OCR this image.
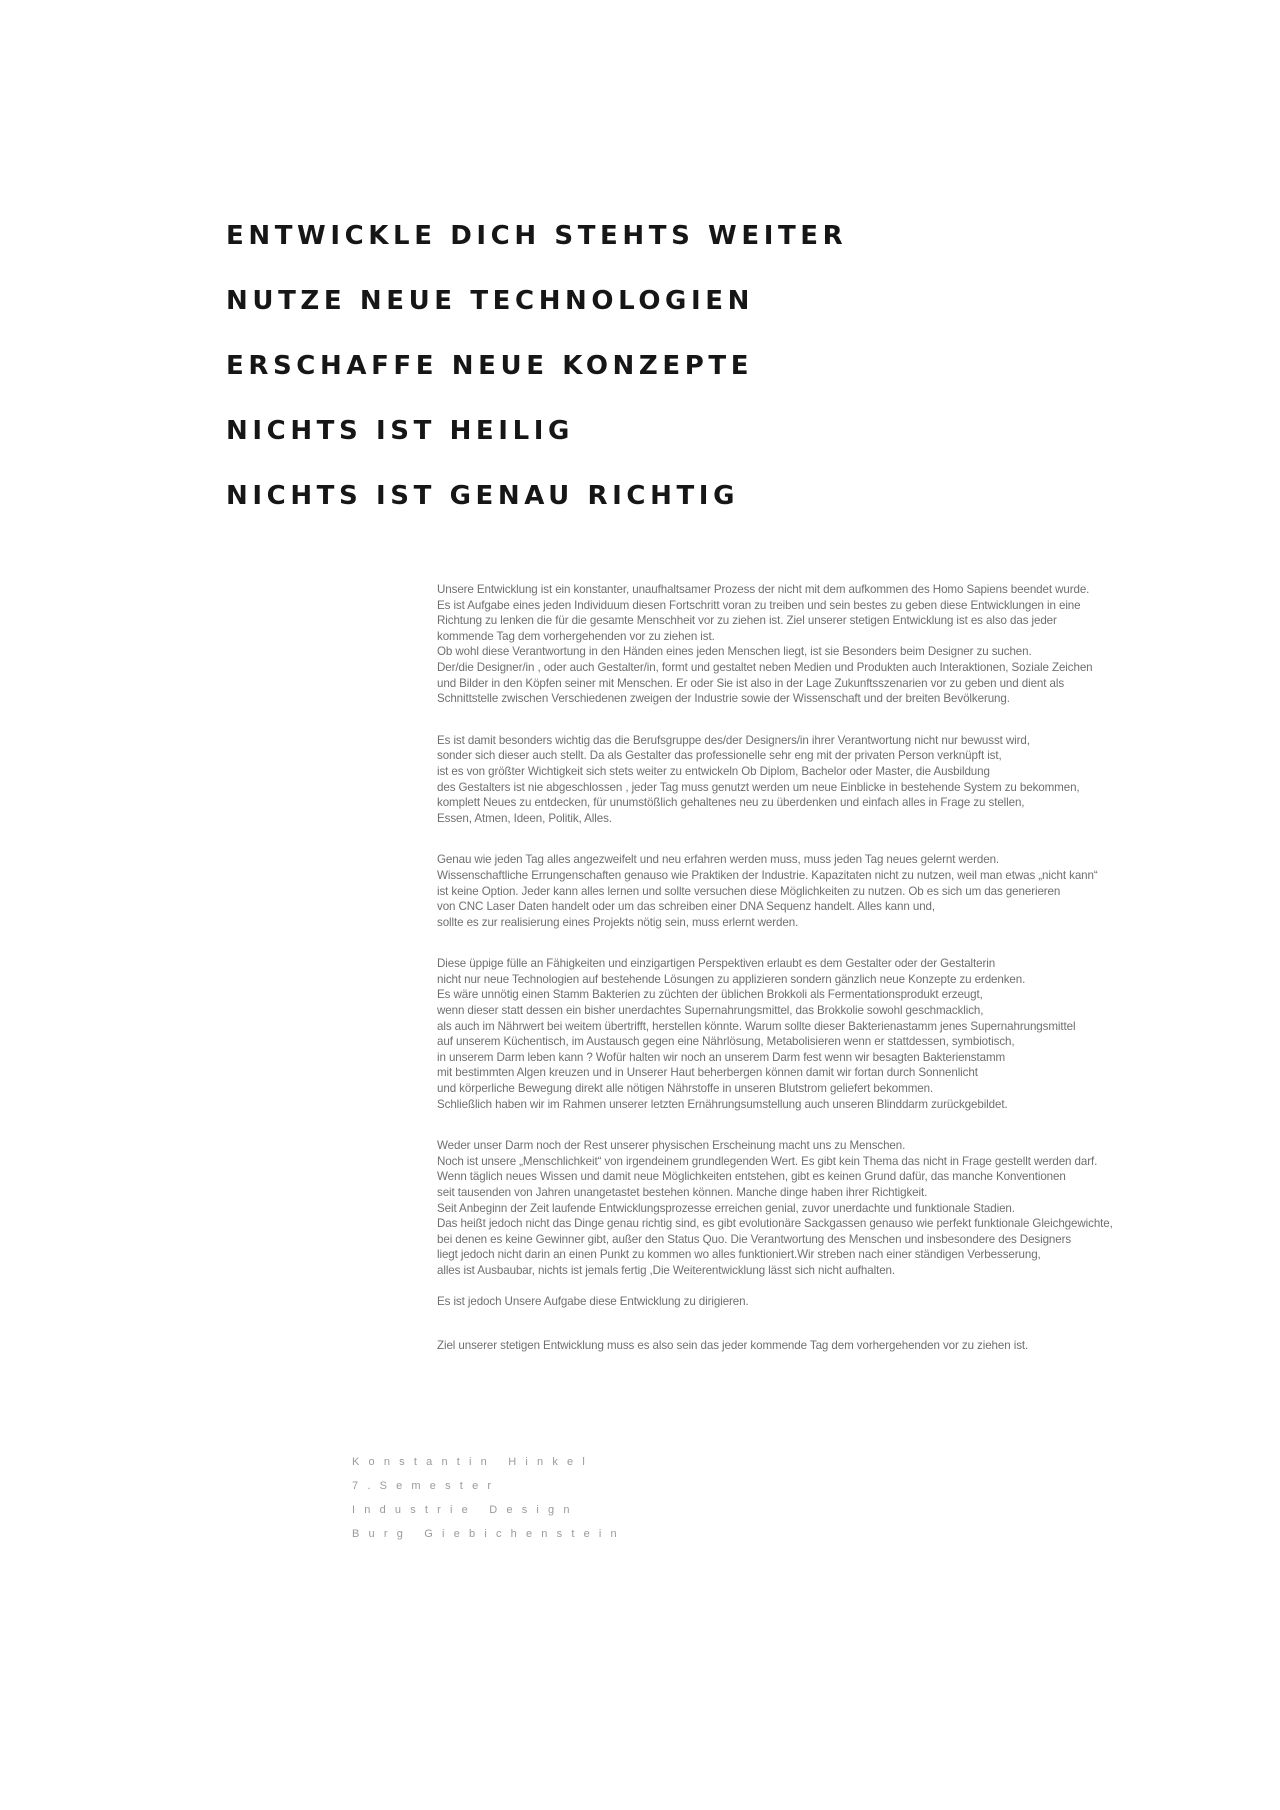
ENTWICKLE DICH STEHTS WEITER
NUTZE NEUE TECHNOLOGIEN
ERSCHAFFE NEUE KONZEPTE
NICHTS IST HEILIG
NICHTS IST GENAU RICHTIG
Unsere Entwicklung ist ein konstanter, unaufhaltsamer Prozess der nicht mit dem aufkommen des Homo Sapiens beendet wurde.
Es ist Aufgabe eines jeden Individuum diesen Fortschritt voran zu treiben und sein bestes zu geben diese Entwicklungen in eine
Richtung zu lenken die für die gesamte Menschheit vor zu ziehen ist. Ziel unserer stetigen Entwicklung ist es also das jeder
kommende Tag dem vorhergehenden vor zu ziehen ist.
Ob wohl diese Verantwortung in den Händen eines jeden Menschen liegt, ist sie Besonders beim Designer zu suchen.
Der/die Designer/in , oder auch Gestalter/in, formt und gestaltet neben Medien und Produkten auch Interaktionen, Soziale Zeichen
und Bilder in den Köpfen seiner mit Menschen. Er oder Sie ist also in der Lage Zukunftsszenarien vor zu geben und dient als
Schnittstelle zwischen Verschiedenen zweigen der Industrie sowie der Wissenschaft und der breiten Bevölkerung.
Es ist damit besonders wichtig das die Berufsgruppe des/der Designers/in ihrer Verantwortung nicht nur bewusst wird,
sonder sich dieser auch stellt. Da als Gestalter das professionelle sehr eng mit der privaten Person verknüpft ist,
ist es von größter Wichtigkeit sich stets weiter zu entwickeln Ob Diplom, Bachelor oder Master, die Ausbildung
des Gestalters ist nie abgeschlossen , jeder Tag muss genutzt werden um neue Einblicke in bestehende System zu bekommen,
komplett Neues zu entdecken, für unumstößlich gehaltenes neu zu überdenken und einfach alles in Frage zu stellen,
Essen, Atmen, Ideen, Politik, Alles.
Genau wie jeden Tag alles angezweifelt und neu erfahren werden muss, muss jeden Tag neues gelernt werden.
Wissenschaftliche Errungenschaften genauso wie Praktiken der Industrie. Kapazitaten nicht zu nutzen, weil man etwas „nicht kann“
ist keine Option. Jeder kann alles lernen und sollte versuchen diese Möglichkeiten zu nutzen. Ob es sich um das generieren
von CNC Laser Daten handelt oder um das schreiben einer DNA Sequenz handelt. Alles kann und,
sollte es zur realisierung eines Projekts nötig sein, muss erlernt werden.
Diese üppige fülle an Fähigkeiten und einzigartigen Perspektiven erlaubt es dem Gestalter oder der Gestalterin
nicht nur neue Technologien auf bestehende Lösungen zu applizieren sondern gänzlich neue Konzepte zu erdenken.
Es wäre unnötig einen Stamm Bakterien zu züchten der üblichen Brokkoli als Fermentationsprodukt erzeugt,
wenn dieser statt dessen ein bisher unerdachtes Supernahrungsmittel, das Brokkolie sowohl geschmacklich,
als auch im Nährwert bei weitem übertrifft, herstellen könnte. Warum sollte dieser Bakterienastamm jenes Supernahrungsmittel
auf unserem Küchentisch, im Austausch gegen eine Nährlösung, Metabolisieren wenn er stattdessen, symbiotisch,
in unserem Darm leben kann ? Wofür halten wir noch an unserem Darm fest wenn wir besagten Bakterienstamm
mit bestimmten Algen kreuzen und in Unserer Haut beherbergen können damit wir fortan durch Sonnenlicht
und körperliche Bewegung direkt alle nötigen Nährstoffe in unseren Blutstrom geliefert bekommen.
Schließlich haben wir im Rahmen unserer letzten Ernährungsumstellung auch unseren Blinddarm zurückgebildet.
Weder unser Darm noch der Rest unserer physischen Erscheinung macht uns zu Menschen.
Noch ist unsere „Menschlichkeit“ von irgendeinem grundlegenden Wert. Es gibt kein Thema das nicht in Frage gestellt werden darf.
Wenn täglich neues Wissen und damit neue Möglichkeiten entstehen, gibt es keinen Grund dafür, das manche Konventionen
seit tausenden von Jahren unangetastet bestehen können. Manche dinge haben ihrer Richtigkeit.
Seit Anbeginn der Zeit laufende Entwicklungsprozesse erreichen genial, zuvor unerdachte und funktionale Stadien.
Das heißt jedoch nicht das Dinge genau richtig sind, es gibt evolutionäre Sackgassen genauso wie perfekt funktionale Gleichgewichte,
bei denen es keine Gewinner gibt, außer den Status Quo. Die Verantwortung des Menschen und insbesondere des Designers
liegt jedoch nicht darin an einen Punkt zu kommen wo alles funktioniert.Wir streben nach einer ständigen Verbesserung,
alles ist Ausbaubar, nichts ist jemals fertig ,Die Weiterentwicklung lässt sich nicht aufhalten.
Es ist jedoch Unsere Aufgabe diese Entwicklung zu dirigieren.
Ziel unserer stetigen Entwicklung muss es also sein das jeder kommende Tag dem vorhergehenden vor zu ziehen ist.
Konstantin Hinkel
7.Semester
Industrie Design
Burg Giebichenstein
